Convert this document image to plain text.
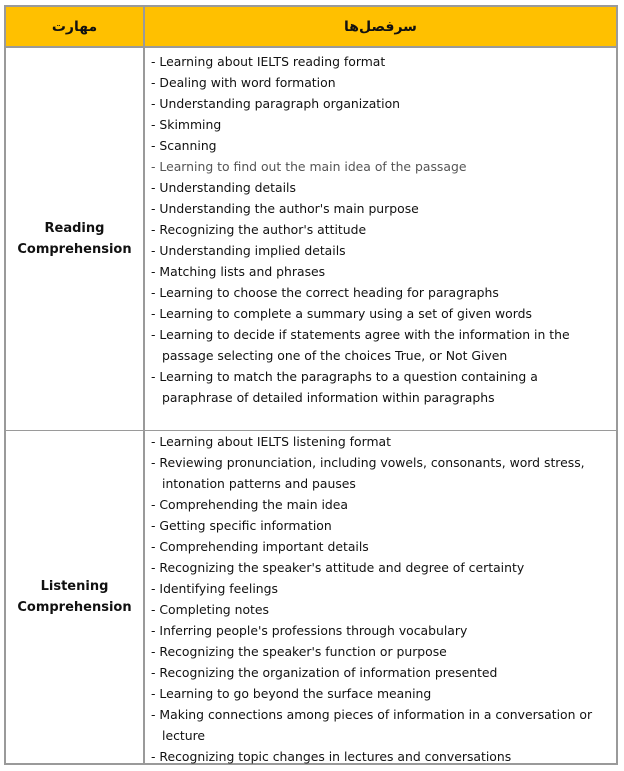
مهارت	سرفصل‌ها
Reading
Comprehension
- Learning about IELTS reading format
- Dealing with word formation
- Understanding paragraph organization
- Skimming
- Scanning
- Learning to find out the main idea of the passage
- Understanding details
- Understanding the author's main purpose
- Recognizing the author's attitude
- Understanding implied details
- Matching lists and phrases
- Learning to choose the correct heading for paragraphs
- Learning to complete a summary using a set of given words
- Learning to decide if statements agree with the information in the passage selecting one of the choices True, or Not Given
- Learning to match the paragraphs to a question containing a paraphrase of detailed information within paragraphs
Listening
Comprehension
- Learning about IELTS listening format
- Reviewing pronunciation, including vowels, consonants, word stress, intonation patterns and pauses
- Comprehending the main idea
- Getting specific information
- Comprehending important details
- Recognizing the speaker's attitude and degree of certainty
- Identifying feelings
- Completing notes
- Inferring people's professions through vocabulary
- Recognizing the speaker's function or purpose
- Recognizing the organization of information presented
- Learning to go beyond the surface meaning
- Making connections among pieces of information in a conversation or lecture
- Recognizing topic changes in lectures and conversations
